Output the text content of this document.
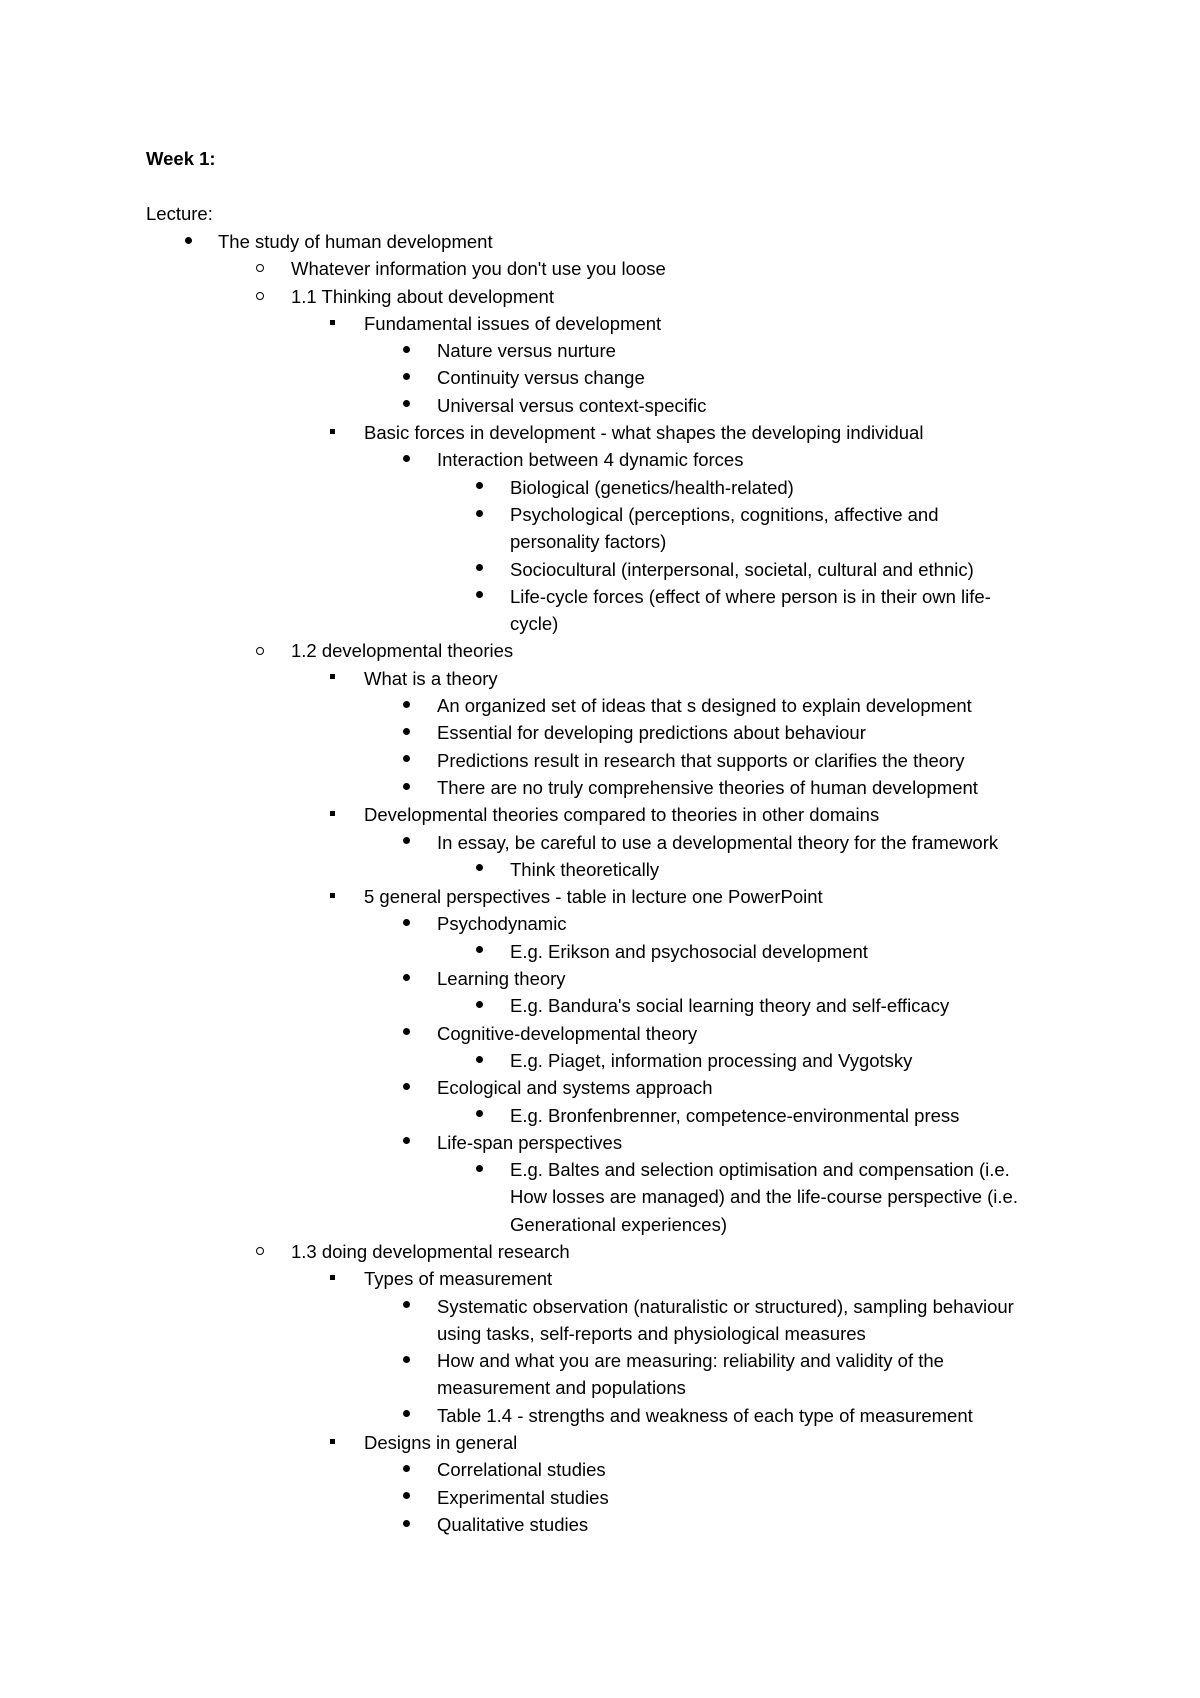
Week 1:
Lecture:
The study of human development
Whatever information you don't use you loose
1.1 Thinking about development
Fundamental issues of development
Nature versus nurture
Continuity versus change
Universal versus context-specific
Basic forces in development - what shapes the developing individual
Interaction between 4 dynamic forces
Biological (genetics/health-related)
Psychological (perceptions, cognitions, affective and personality factors)
Sociocultural (interpersonal, societal, cultural and ethnic)
Life-cycle forces (effect of where person is in their own life-cycle)
1.2 developmental theories
What is a theory
An organized set of ideas that s designed to explain development
Essential for developing predictions about behaviour
Predictions result in research that supports or clarifies the theory
There are no truly comprehensive theories of human development
Developmental theories compared to theories in other domains
In essay, be careful to use a developmental theory for the framework
Think theoretically
5 general perspectives - table in lecture one PowerPoint
Psychodynamic
E.g. Erikson and psychosocial development
Learning theory
E.g. Bandura's social learning theory and self-efficacy
Cognitive-developmental theory
E.g. Piaget, information processing and Vygotsky
Ecological and systems approach
E.g. Bronfenbrenner, competence-environmental press
Life-span perspectives
E.g. Baltes and selection optimisation and compensation (i.e. How losses are managed) and the life-course perspective (i.e. Generational experiences)
1.3 doing developmental research
Types of measurement
Systematic observation (naturalistic or structured), sampling behaviour using tasks, self-reports and physiological measures
How and what you are measuring: reliability and validity of the measurement and populations
Table 1.4 - strengths and weakness of each type of measurement
Designs in general
Correlational studies
Experimental studies
Qualitative studies
